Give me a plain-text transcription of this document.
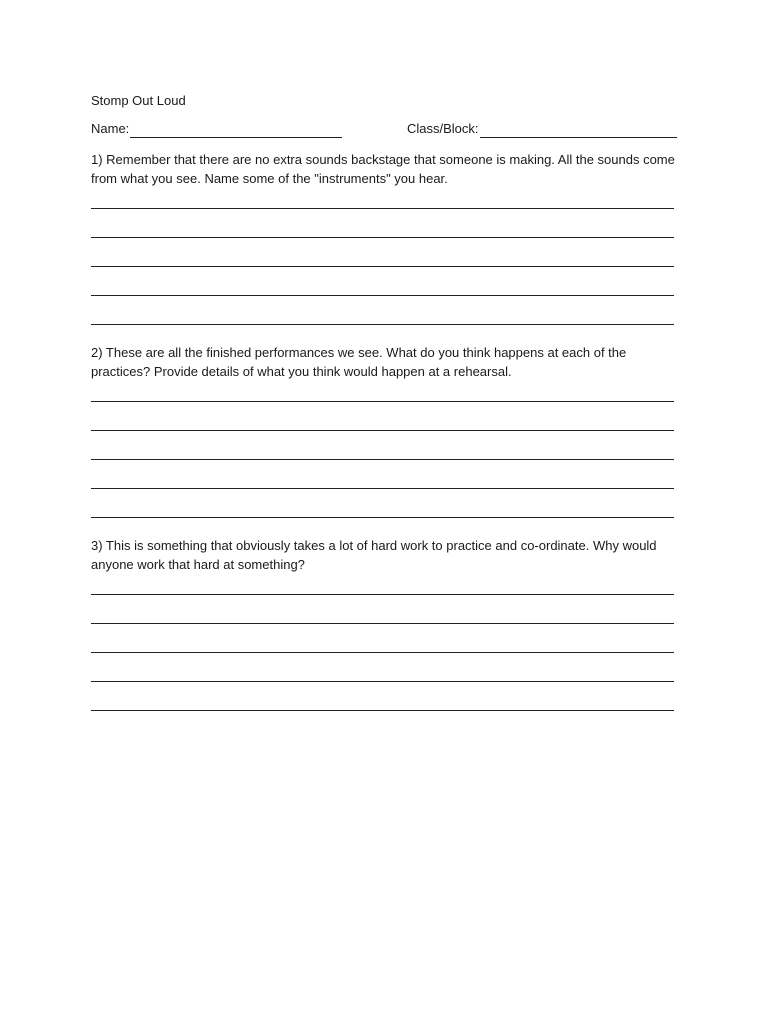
Stomp Out Loud
Name:	Class/Block:

1) Remember that there are no extra sounds backstage that someone is making. All the sounds come from what you see. Name some of the "instruments" you hear.

2) These are all the finished performances we see. What do you think happens at each of the practices? Provide details of what you think would happen at a rehearsal.

3) This is something that obviously takes a lot of hard work to practice and co-ordinate. Why would anyone work that hard at something?
